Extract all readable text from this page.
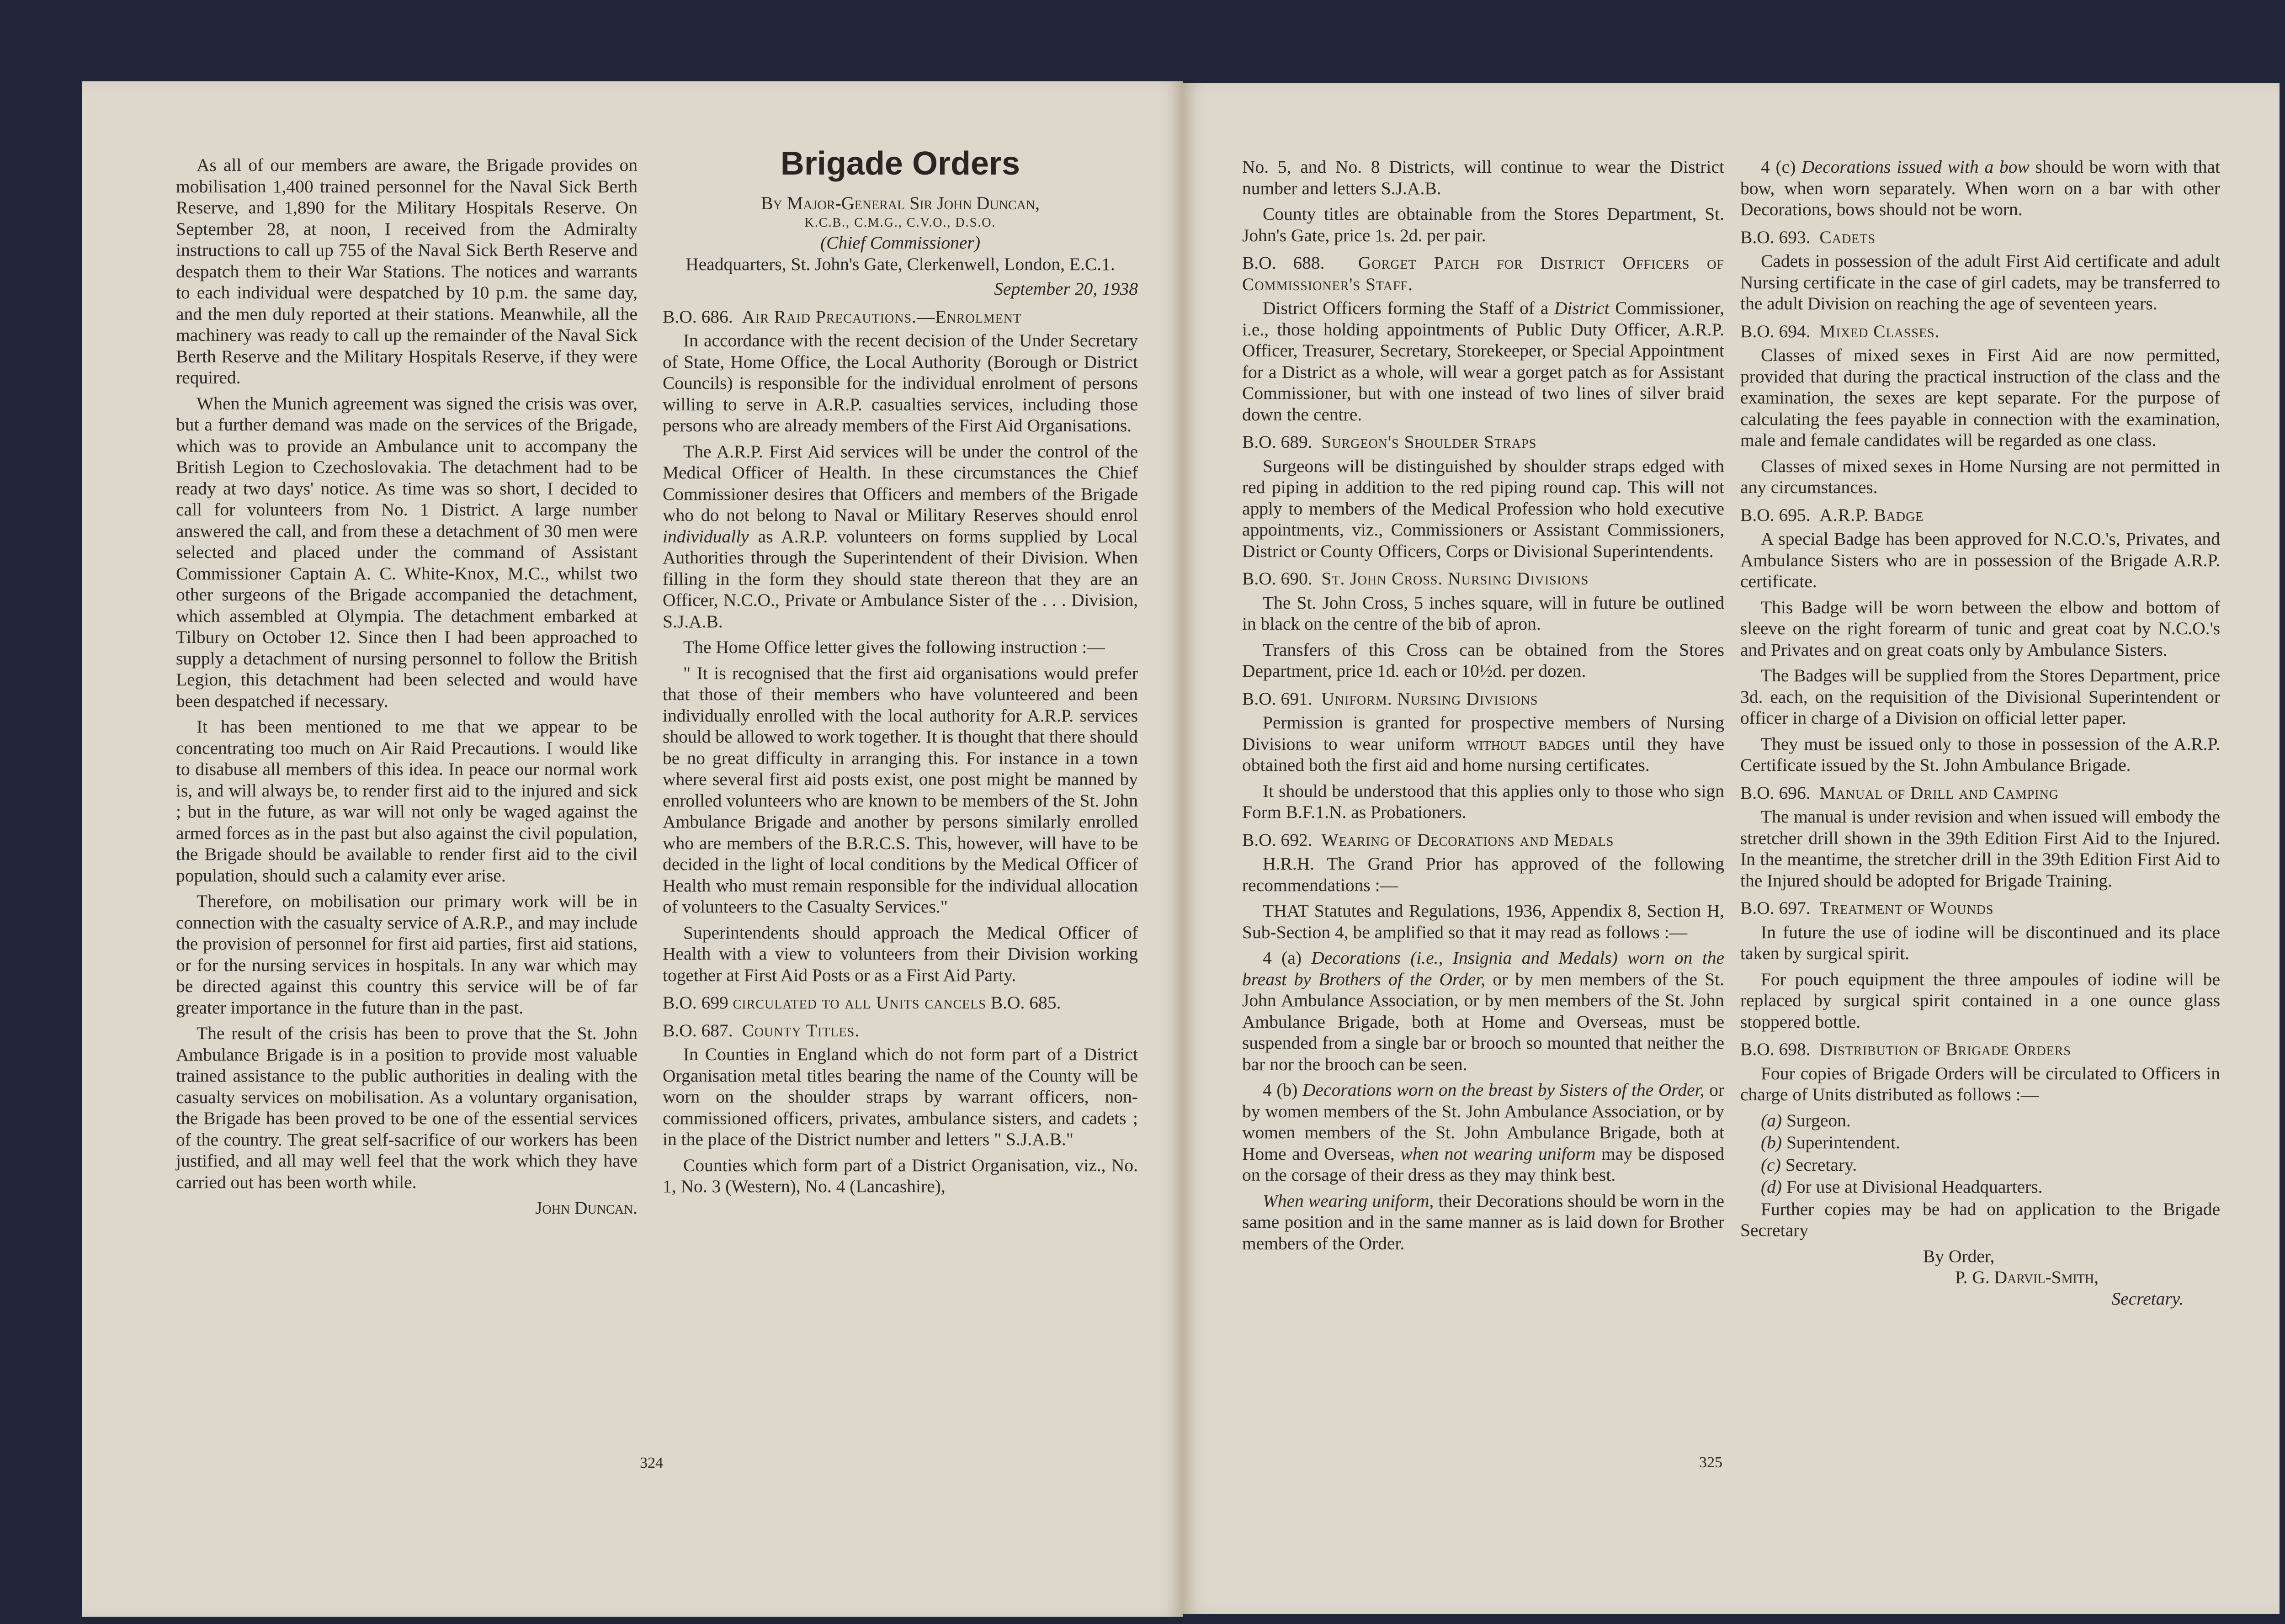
As all of our members are aware, the Brigade provides on mobilisation 1,400 trained personnel for the Naval Sick Berth Reserve, and 1,890 for the Military Hospitals Reserve. On September 28, at noon, I received from the Admiralty instructions to call up 755 of the Naval Sick Berth Reserve and despatch them to their War Stations. The notices and warrants to each individual were despatched by 10 p.m. the same day, and the men duly reported at their stations. Meanwhile, all the machinery was ready to call up the remainder of the Naval Sick Berth Reserve and the Military Hospitals Reserve, if they were required.

When the Munich agreement was signed the crisis was over, but a further demand was made on the services of the Brigade, which was to provide an Ambulance unit to accompany the British Legion to Czechoslovakia. The detachment had to be ready at two days' notice. As time was so short, I decided to call for volunteers from No. 1 District. A large number answered the call, and from these a detachment of 30 men were selected and placed under the command of Assistant Commissioner Captain A. C. White-Knox, M.C., whilst two other surgeons of the Brigade accompanied the detachment, which assembled at Olympia. The detachment embarked at Tilbury on October 12. Since then I had been approached to supply a detachment of nursing personnel to follow the British Legion, this detachment had been selected and would have been despatched if necessary.

It has been mentioned to me that we appear to be concentrating too much on Air Raid Precautions. I would like to disabuse all members of this idea. In peace our normal work is, and will always be, to render first aid to the injured and sick ; but in the future, as war will not only be waged against the armed forces as in the past but also against the civil population, the Brigade should be available to render first aid to the civil population, should such a calamity ever arise.

Therefore, on mobilisation our primary work will be in connection with the casualty service of A.R.P., and may include the provision of personnel for first aid parties, first aid stations, or for the nursing services in hospitals. In any war which may be directed against this country this service will be of far greater importance in the future than in the past.

The result of the crisis has been to prove that the St. John Ambulance Brigade is in a position to provide most valuable trained assistance to the public authorities in dealing with the casualty services on mobilisation. As a voluntary organisation, the Brigade has been proved to be one of the essential services of the country. The great self-sacrifice of our workers has been justified, and all may well feel that the work which they have carried out has been worth while.

John Duncan.
Brigade Orders
By Major-General Sir John Duncan,
K.C.B., C.M.G., C.V.O., D.S.O.
(Chief Commissioner)
Headquarters, St. John's Gate, Clerkenwell, London, E.C.1.
September 20, 1938
B.O. 686. Air Raid Precautions.—Enrolment

In accordance with the recent decision of the Under Secretary of State, Home Office, the Local Authority (Borough or District Councils) is responsible for the individual enrolment of persons willing to serve in A.R.P. casualties services, including those persons who are already members of the First Aid Organisations.

The A.R.P. First Aid services will be under the control of the Medical Officer of Health. In these circumstances the Chief Commissioner desires that Officers and members of the Brigade who do not belong to Naval or Military Reserves should enrol individually as A.R.P. volunteers on forms supplied by Local Authorities through the Superintendent of their Division. When filling in the form they should state thereon that they are an Officer, N.C.O., Private or Ambulance Sister of the . . . Division, S.J.A.B.

The Home Office letter gives the following instruction :—

" It is recognised that the first aid organisations would prefer that those of their members who have volunteered and been individually enrolled with the local authority for A.R.P. services should be allowed to work together. It is thought that there should be no great difficulty in arranging this. For instance in a town where several first aid posts exist, one post might be manned by enrolled volunteers who are known to be members of the St. John Ambulance Brigade and another by persons similarly enrolled who are members of the B.R.C.S. This, however, will have to be decided in the light of local conditions by the Medical Officer of Health who must remain responsible for the individual allocation of volunteers to the Casualty Services."

Superintendents should approach the Medical Officer of Health with a view to volunteers from their Division working together at First Aid Posts or as a First Aid Party.

B.O. 699 circulated to all Units cancels B.O. 685.
B.O. 687. County Titles.

In Counties in England which do not form part of a District Organisation metal titles bearing the name of the County will be worn on the shoulder straps by warrant officers, non-commissioned officers, privates, ambulance sisters, and cadets ; in the place of the District number and letters " S.J.A.B."

Counties which form part of a District Organisation, viz., No. 1, No. 3 (Western), No. 4 (Lancashire),

324

No. 5, and No. 8 Districts, will continue to wear the District number and letters S.J.A.B.

County titles are obtainable from the Stores Department, St. John's Gate, price 1s. 2d. per pair.

B.O. 688. Gorget Patch for District Officers of Commissioner's Staff.

District Officers forming the Staff of a District Commissioner, i.e., those holding appointments of Public Duty Officer, A.R.P. Officer, Treasurer, Secretary, Storekeeper, or Special Appointment for a District as a whole, will wear a gorget patch as for Assistant Commissioner, but with one instead of two lines of silver braid down the centre.

B.O. 689. Surgeon's Shoulder Straps

Surgeons will be distinguished by shoulder straps edged with red piping in addition to the red piping round cap. This will not apply to members of the Medical Profession who hold executive appointments, viz., Commissioners or Assistant Commissioners, District or County Officers, Corps or Divisional Superintendents.

B.O. 690. St. John Cross. Nursing Divisions

The St. John Cross, 5 inches square, will in future be outlined in black on the centre of the bib of apron.

Transfers of this Cross can be obtained from the Stores Department, price 1d. each or 10½d. per dozen.

B.O. 691. Uniform. Nursing Divisions

Permission is granted for prospective members of Nursing Divisions to wear uniform without badges until they have obtained both the first aid and home nursing certificates.

It should be understood that this applies only to those who sign Form B.F.1.N. as Probationers.

B.O. 692. Wearing of Decorations and Medals

H.R.H. The Grand Prior has approved of the following recommendations :—

THAT Statutes and Regulations, 1936, Appendix 8, Section H, Sub-Section 4, be amplified so that it may read as follows :—

4 (a) Decorations (i.e., Insignia and Medals) worn on the breast by Brothers of the Order, or by men members of the St. John Ambulance Association, or by men members of the St. John Ambulance Brigade, both at Home and Overseas, must be suspended from a single bar or brooch so mounted that neither the bar nor the brooch can be seen.

4 (b) Decorations worn on the breast by Sisters of the Order, or by women members of the St. John Ambulance Association, or by women members of the St. John Ambulance Brigade, both at Home and Overseas, when not wearing uniform may be disposed on the corsage of their dress as they may think best.

When wearing uniform, their Decorations should be worn in the same position and in the same manner as is laid down for Brother members of the Order.

4 (c) Decorations issued with a bow should be worn with that bow, when worn separately. When worn on a bar with other Decorations, bows should not be worn.

B.O. 693. Cadets

Cadets in possession of the adult First Aid certificate and adult Nursing certificate in the case of girl cadets, may be transferred to the adult Division on reaching the age of seventeen years.

B.O. 694. Mixed Classes.

Classes of mixed sexes in First Aid are now permitted, provided that during the practical instruction of the class and the examination, the sexes are kept separate. For the purpose of calculating the fees payable in connection with the examination, male and female candidates will be regarded as one class.

Classes of mixed sexes in Home Nursing are not permitted in any circumstances.

B.O. 695. A.R.P. Badge

A special Badge has been approved for N.C.O.'s, Privates, and Ambulance Sisters who are in possession of the Brigade A.R.P. certificate.

This Badge will be worn between the elbow and bottom of sleeve on the right forearm of tunic and great coat by N.C.O.'s and Privates and on great coats only by Ambulance Sisters.

The Badges will be supplied from the Stores Department, price 3d. each, on the requisition of the Divisional Superintendent or officer in charge of a Division on official letter paper.

They must be issued only to those in possession of the A.R.P. Certificate issued by the St. John Ambulance Brigade.

B.O. 696. Manual of Drill and Camping

The manual is under revision and when issued will embody the stretcher drill shown in the 39th Edition First Aid to the Injured. In the meantime, the stretcher drill in the 39th Edition First Aid to the Injured should be adopted for Brigade Training.

B.O. 697. Treatment of Wounds

In future the use of iodine will be discontinued and its place taken by surgical spirit.

For pouch equipment the three ampoules of iodine will be replaced by surgical spirit contained in a one ounce glass stoppered bottle.

B.O. 698. Distribution of Brigade Orders

Four copies of Brigade Orders will be circulated to Officers in charge of Units distributed as follows :—

(a) Surgeon.
(b) Superintendent.
(c) Secretary.
(d) For use at Divisional Headquarters.

Further copies may be had on application to the Brigade Secretary

By Order,
P. G. Darvil-Smith,
Secretary.
325
